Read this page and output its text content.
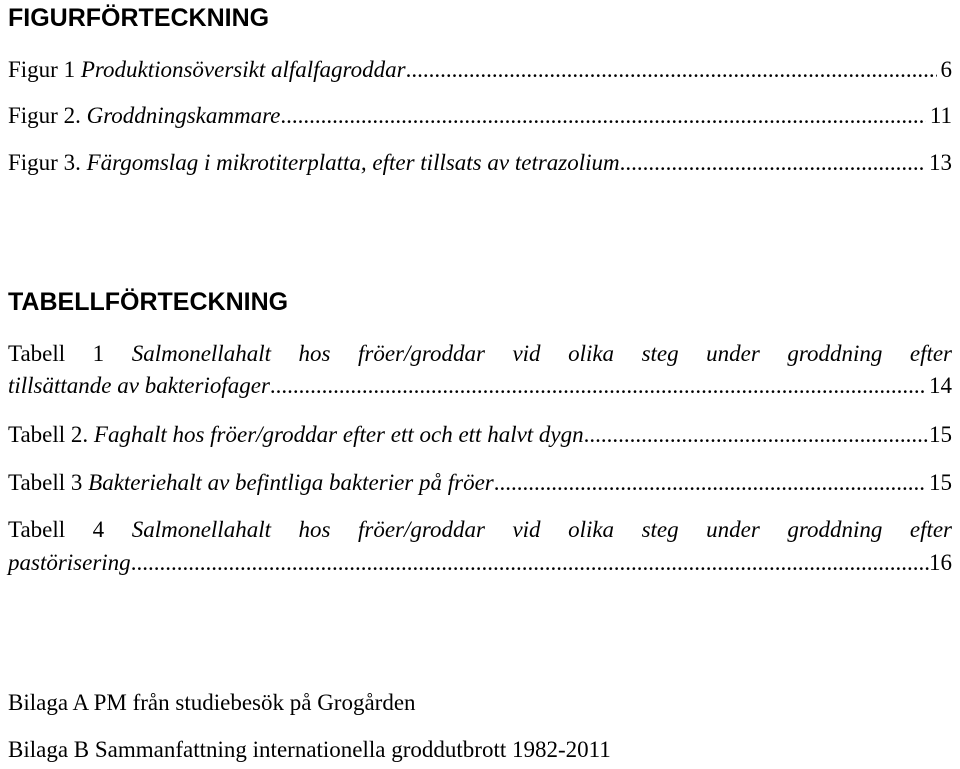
FIGURFÖRTECKNING
Figur 1 Produktionsöversikt alfalfagroddar .....	6
Figur 2. Groddningskammare .....	11
Figur 3. Färgomslag i mikrotiterplatta, efter tillsats av tetrazolium .....	13
TABELLFÖRTECKNING
Tabell 1 Salmonellahalt hos fröer/groddar vid olika steg under groddning efter
tillsättande av bakteriofager .....	14
Tabell 2. Faghalt hos fröer/groddar efter ett och ett halvt dygn .....	15
Tabell 3 Bakteriehalt av befintliga bakterier på fröer .....	15
Tabell 4 Salmonellahalt hos fröer/groddar vid olika steg under groddning efter
pastörisering .....	16
Bilaga A PM från studiebesök på Grogården
Bilaga B Sammanfattning internationella groddutbrott 1982-2011
